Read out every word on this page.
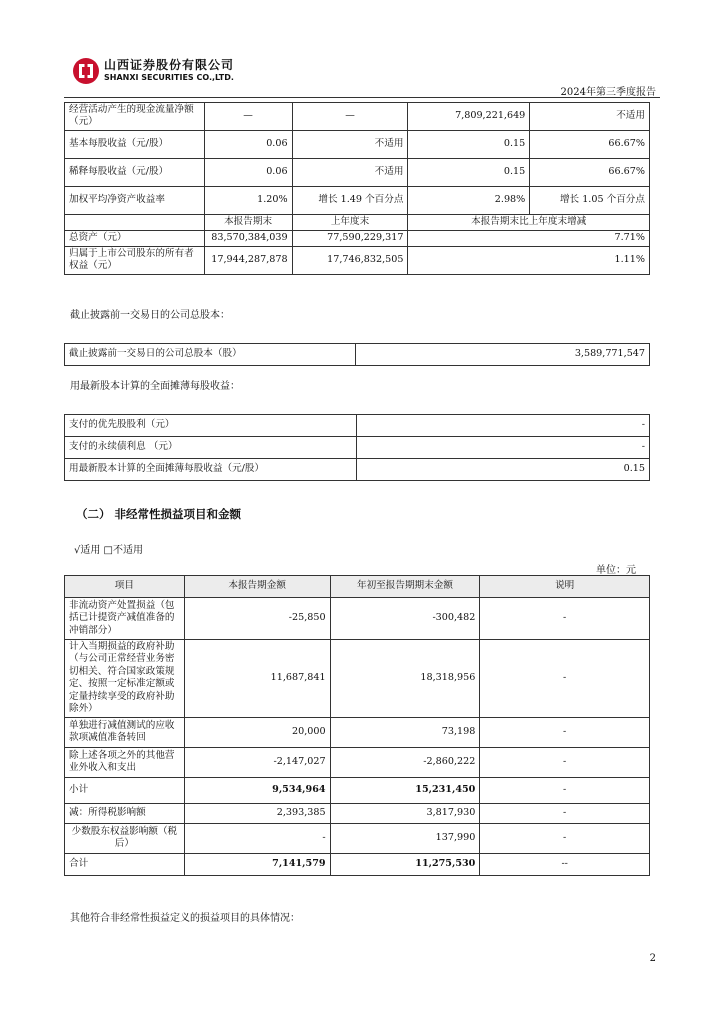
山西证券股份有限公司
SHANXI SECURITIES CO.,LTD.
2024年第三季度报告
经营活动产生的现金流量净额（元）	—	—	7,809,221,649	不适用
基本每股收益（元/股）	0.06	不适用	0.15	66.67%
稀释每股收益（元/股）	0.06	不适用	0.15	66.67%
加权平均净资产收益率	1.20%	增长 1.49 个百分点	2.98%	增长 1.05 个百分点
	本报告期末	上年度末	本报告期末比上年度末增减	
总资产（元）	83,570,384,039	77,590,229,317	7.71%	
归属于上市公司股东的所有者权益（元）	17,944,287,878	17,746,832,505	1.11%	
截止披露前一交易日的公司总股本：
截止披露前一交易日的公司总股本（股）	3,589,771,547
用最新股本计算的全面摊薄每股收益：
支付的优先股股利（元）	-
支付的永续债利息 （元）	-
用最新股本计算的全面摊薄每股收益（元/股）	0.15
（二） 非经常性损益项目和金额
√适用 □不适用
单位：元
项目	本报告期金额	年初至报告期期末金额	说明
非流动资产处置损益（包括已计提资产减值准备的冲销部分）	-25,850	-300,482	-
计入当期损益的政府补助（与公司正常经营业务密切相关、符合国家政策规定、按照一定标准定额或定量持续享受的政府补助除外）	11,687,841	18,318,956	-
单独进行减值测试的应收款项减值准备转回	20,000	73,198	-
除上述各项之外的其他营业外收入和支出	-2,147,027	-2,860,222	-
小计	9,534,964	15,231,450	-
减：所得税影响额	2,393,385	3,817,930	-
少数股东权益影响额（税后）	-	137,990	-
合计	7,141,579	11,275,530	--
其他符合非经常性损益定义的损益项目的具体情况：
2
